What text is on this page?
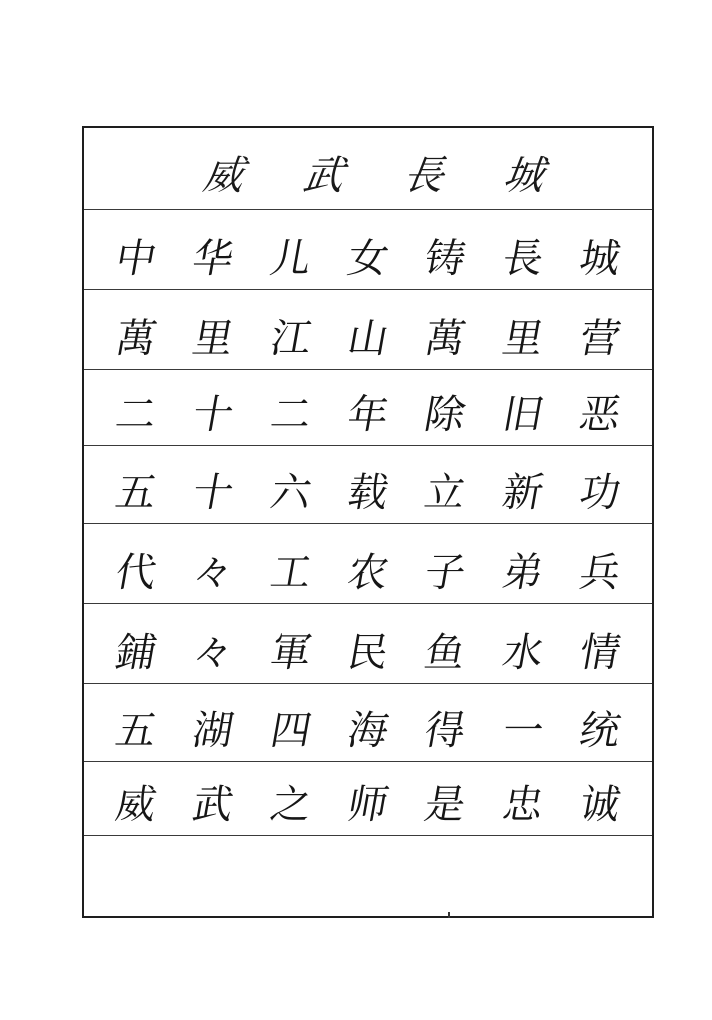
威 武 長 城
中 华 儿 女 铸 長 城
萬 里 江 山 萬 里 营
二 十 二 年 除 旧 恶
五 十 六 载 立 新 功
代 々 工 农 子 弟 兵
鋪 々 軍 民 鱼 水 情
五 湖 四 海 得 一 统
威 武 之 师 是 忠 诚
